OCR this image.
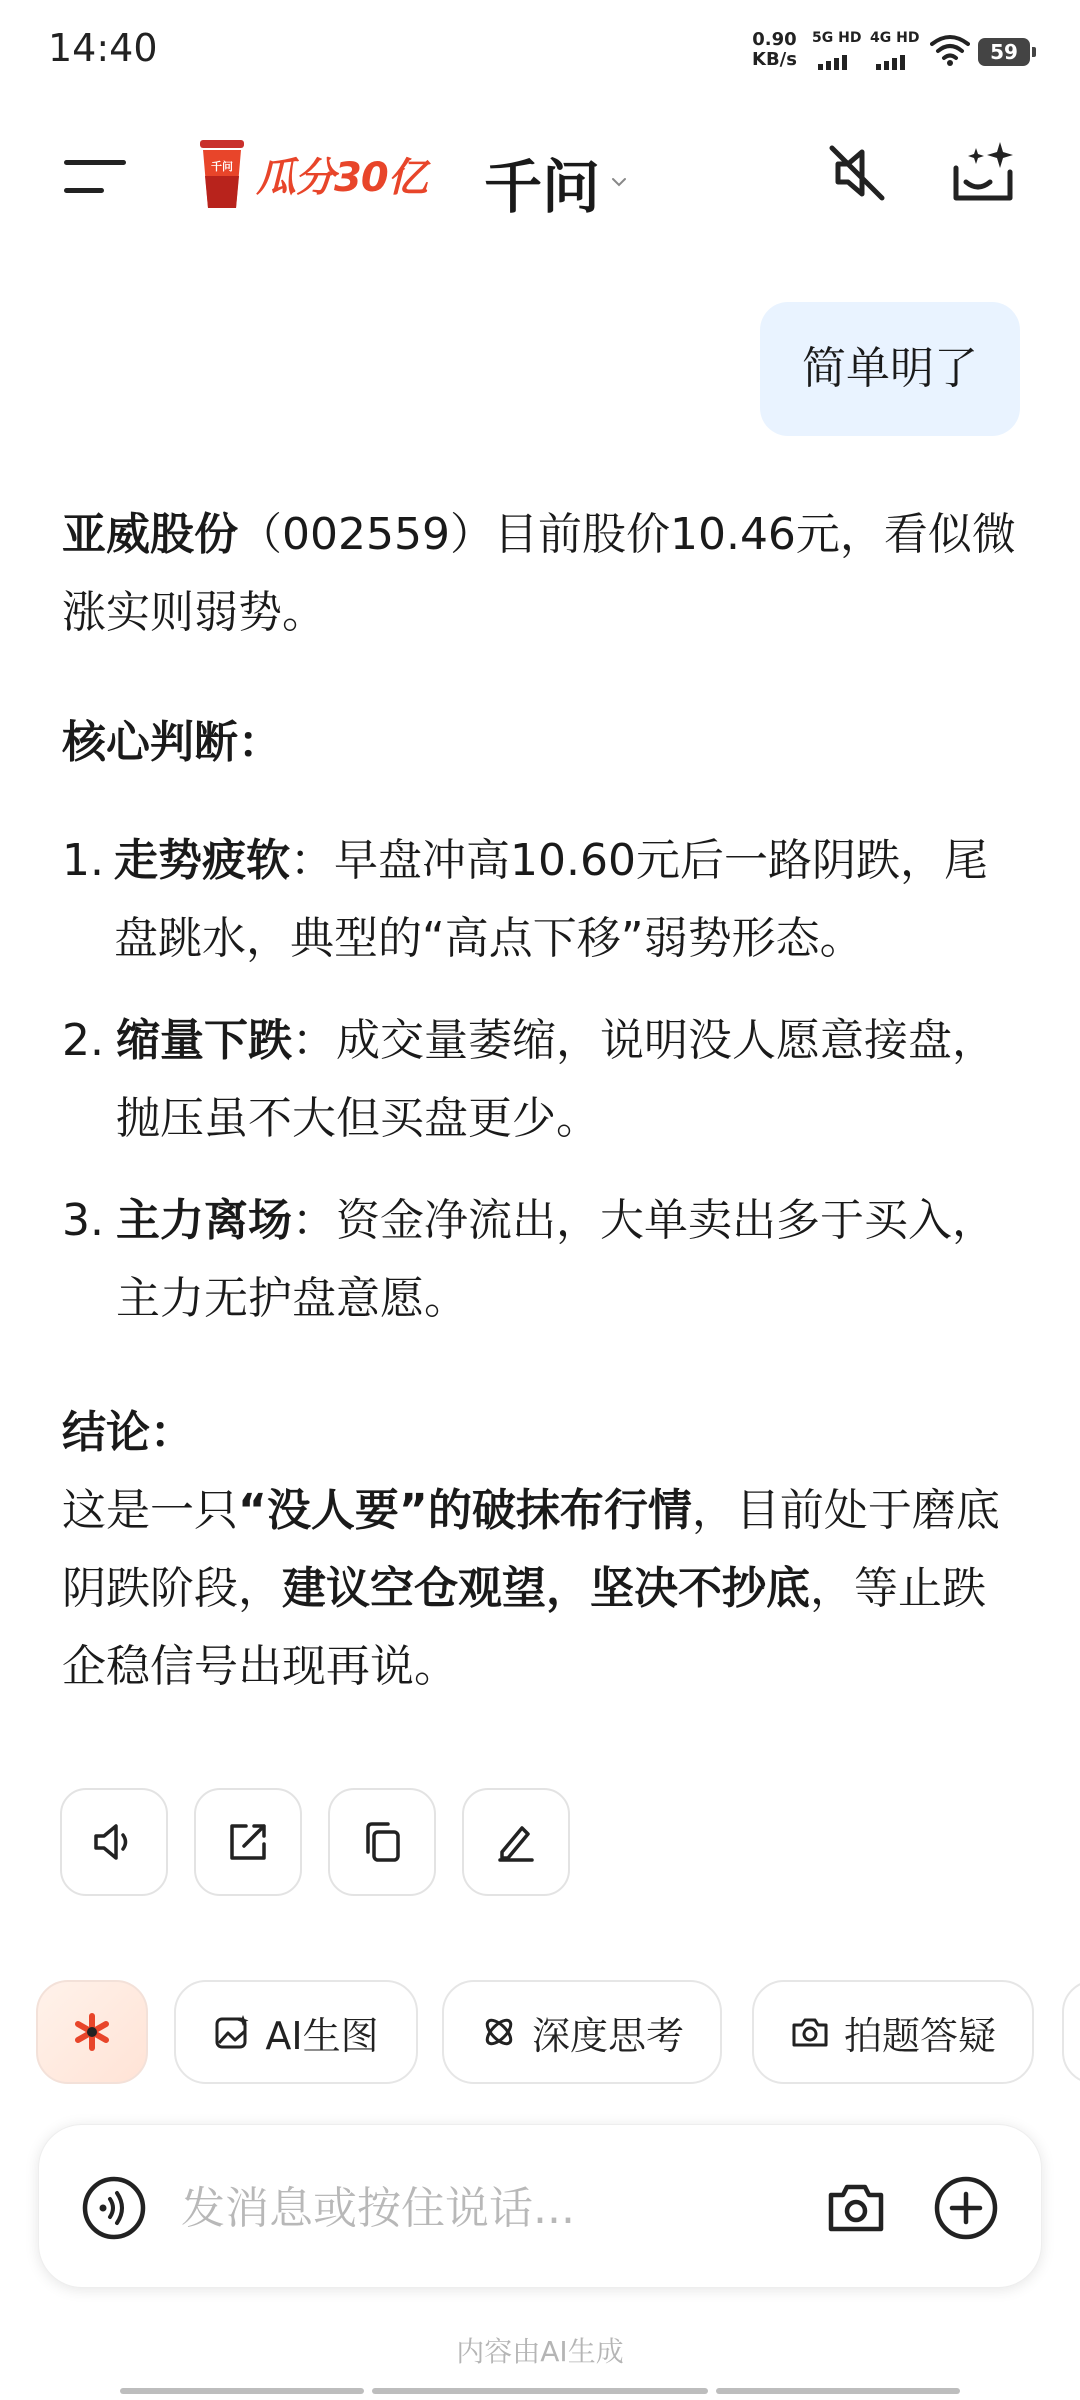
14:40	0.90
KB/s
5G HD 4G HD
59
千问 瓜分30亿 千问
简单明了

亚威股份（002559）目前股价10.46元，看似微涨实则弱势。

核心判断：

1. 走势疲软：早盘冲高10.60元后一路阴跌，尾盘跳水，典型的“高点下移”弱势形态。
2. 缩量下跌：成交量萎缩，说明没人愿意接盘，抛压虽不大但买盘更少。
3. 主力离场：资金净流出，大单卖出多于买入，主力无护盘意愿。

结论：

这是一只“没人要”的破抹布行情，目前处于磨底阴跌阶段，建议空仓观望，坚决不抄底，等止跌企稳信号出现再说。

AI生图	深度思考	拍题答疑
发消息或按住说话...
内容由AI生成
